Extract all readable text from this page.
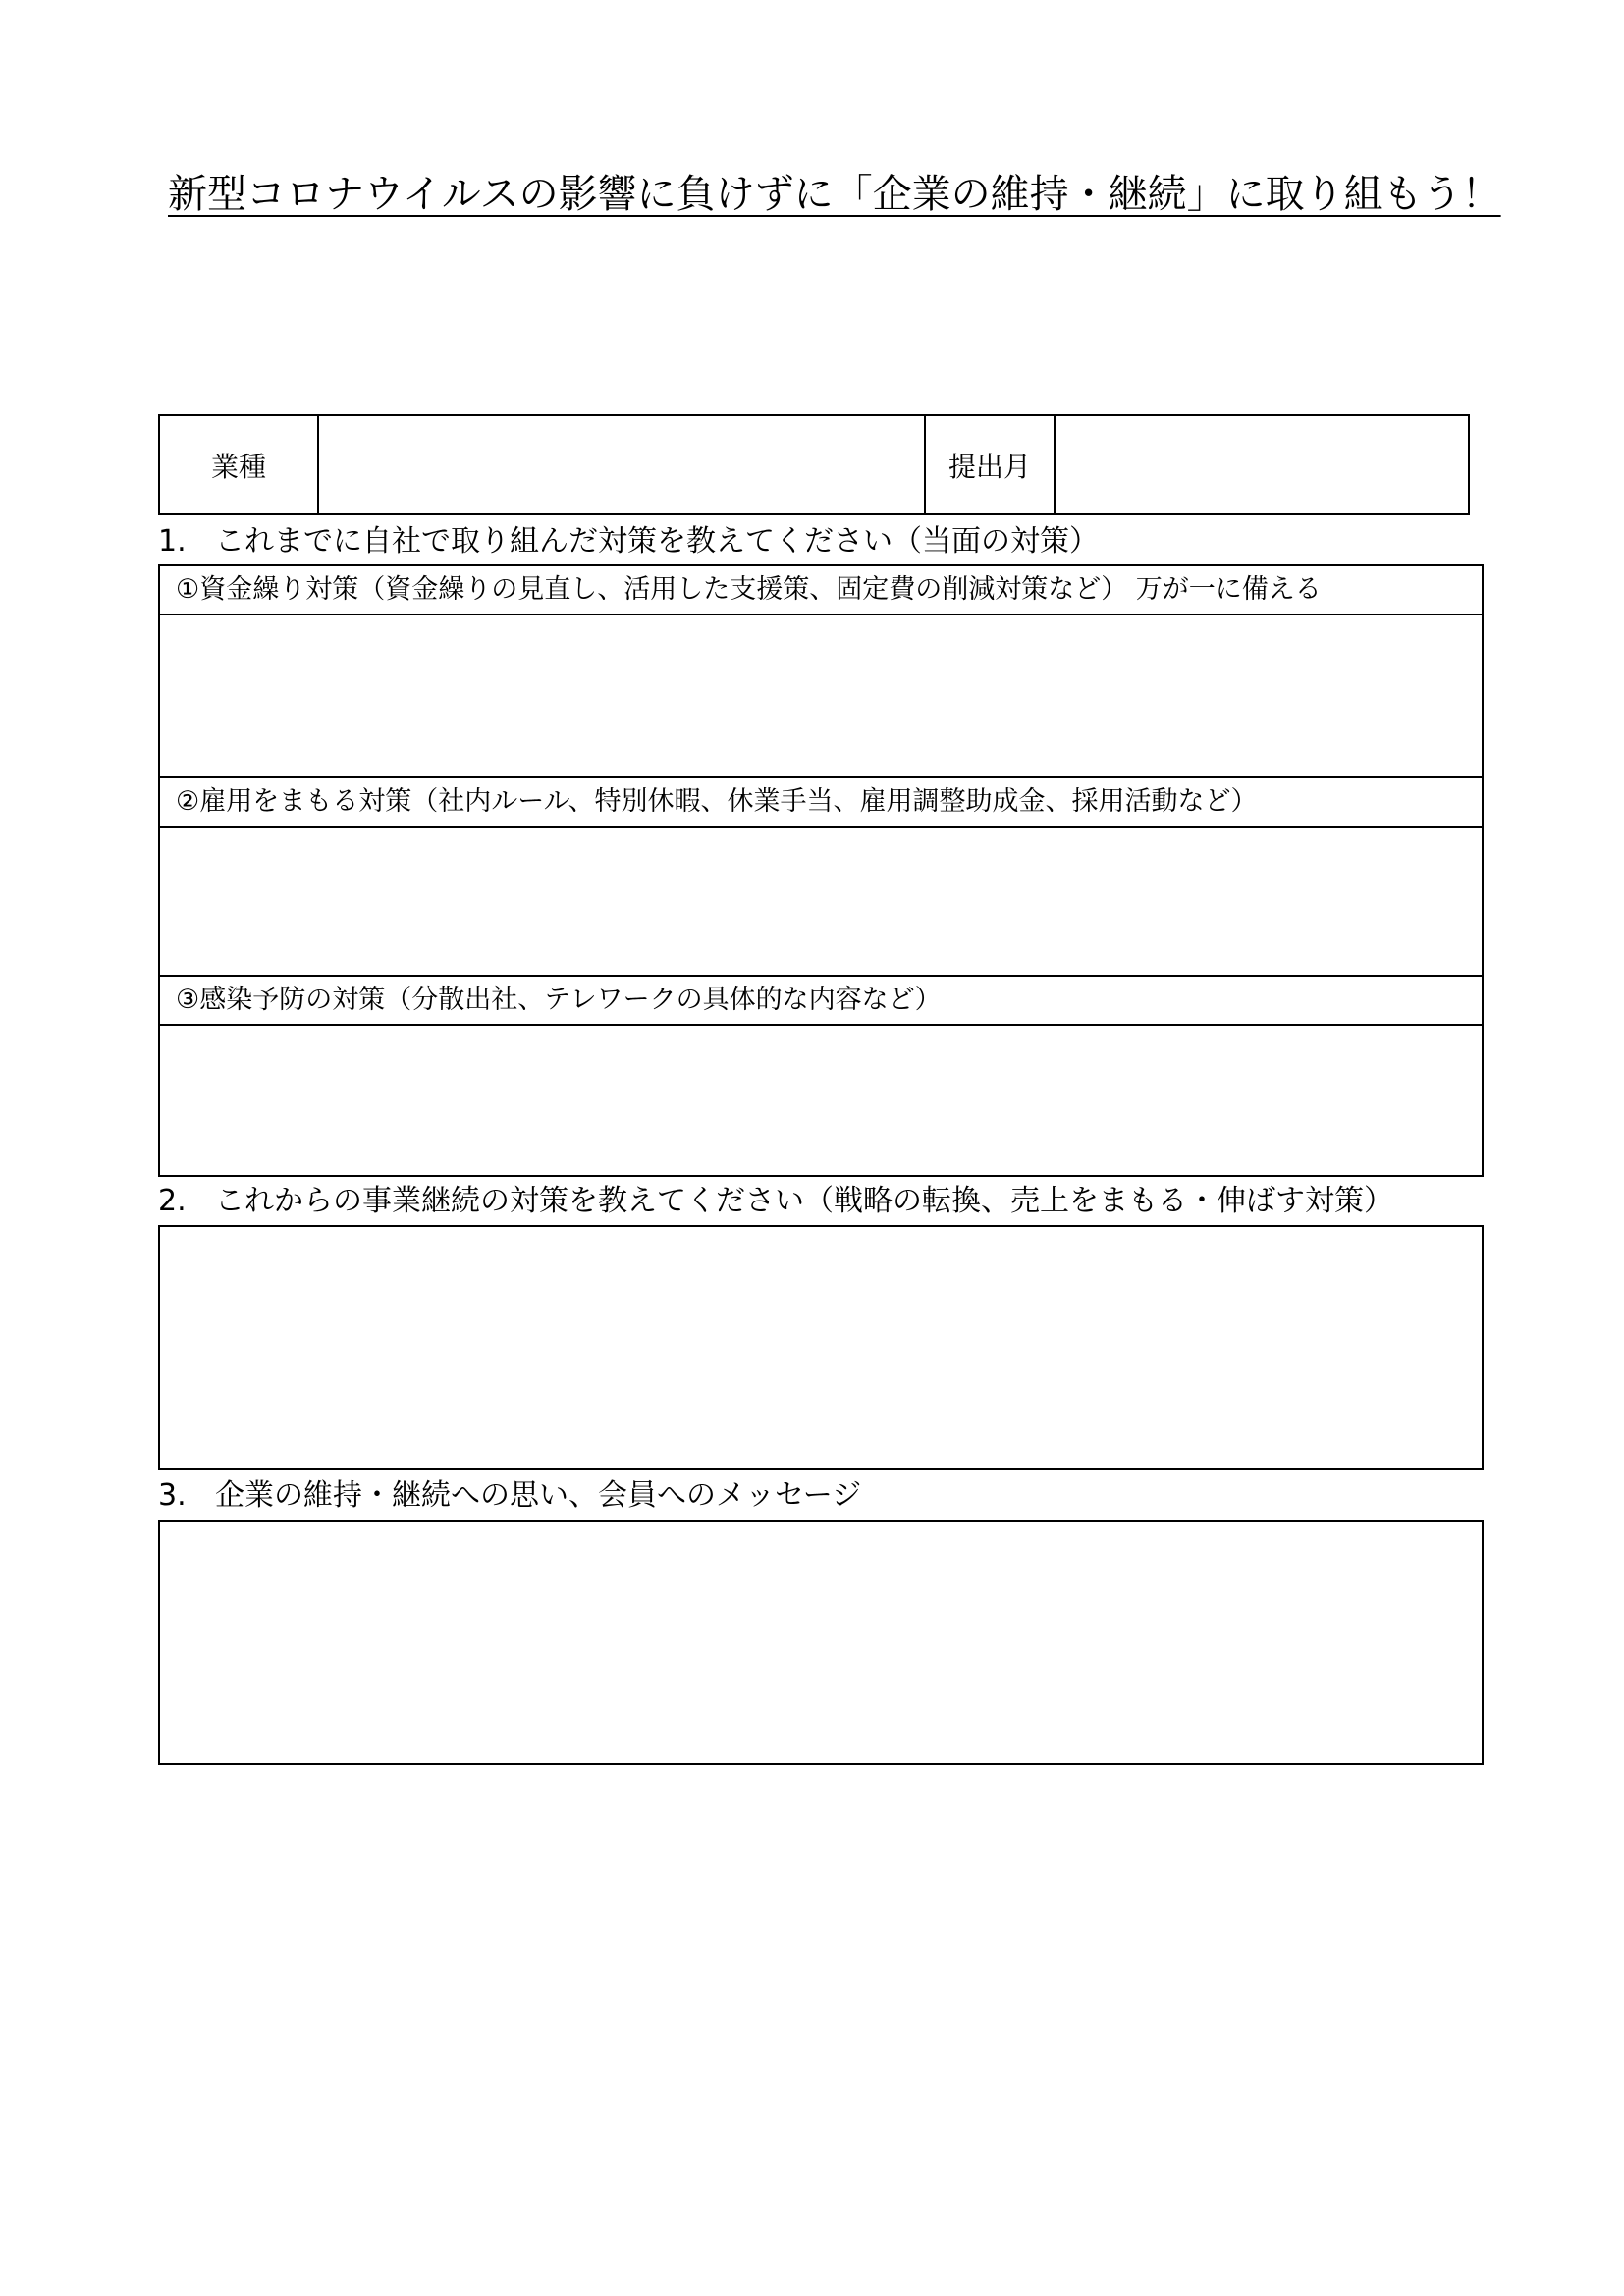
新型コロナウイルスの影響に負けずに「企業の維持・継続」に取り組もう！
業種	提出月
1. これまでに自社で取り組んだ対策を教えてください（当面の対策）
①資金繰り対策（資金繰りの見直し、活用した支援策、固定費の削減対策など） 万が一に備える
②雇用をまもる対策（社内ルール、特別休暇、休業手当、雇用調整助成金、採用活動など）
③感染予防の対策（分散出社、テレワークの具体的な内容など）
2. これからの事業継続の対策を教えてください（戦略の転換、売上をまもる・伸ばす対策）
3. 企業の維持・継続への思い、会員へのメッセージ
